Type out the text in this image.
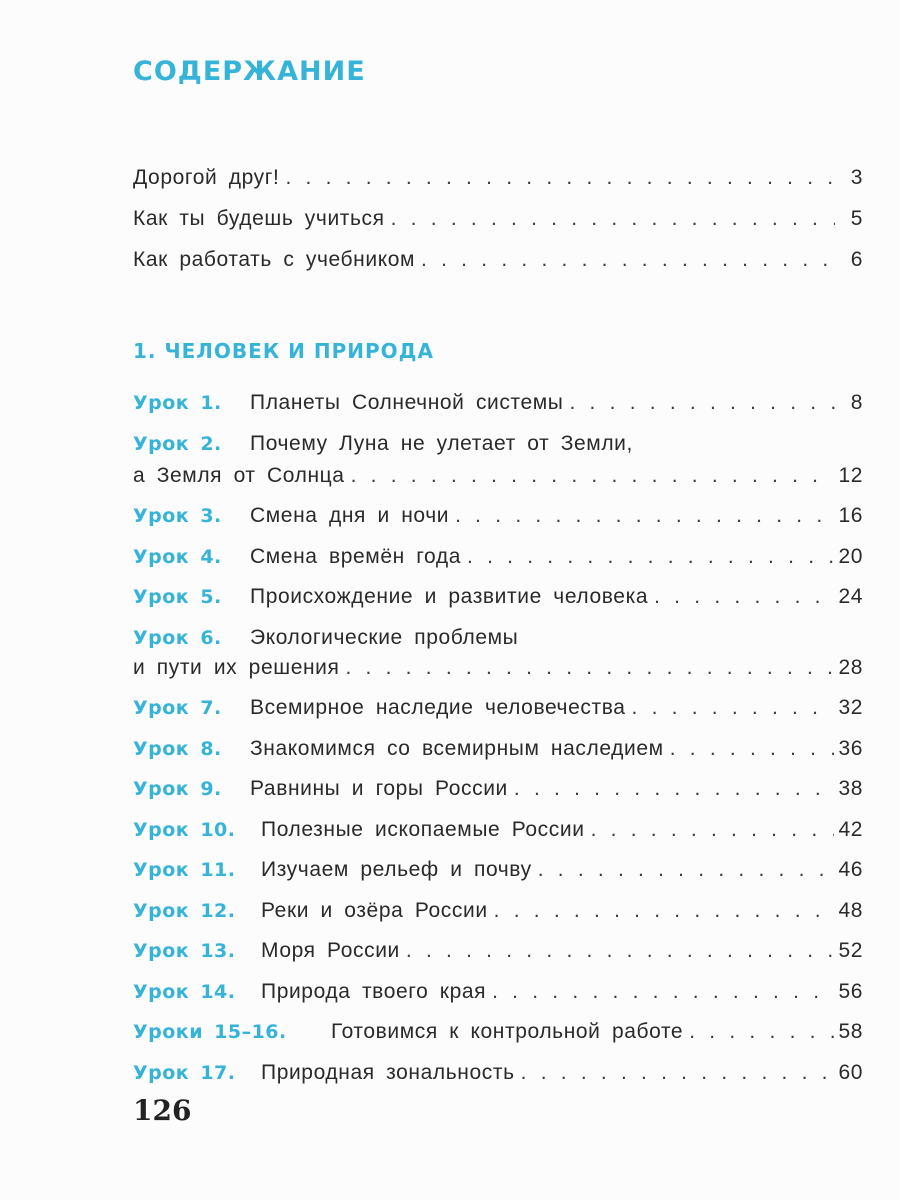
СОДЕРЖАНИЕ
Дорогой друг! . . .	3
Как ты будешь учиться . . .	5
Как работать с учебником . . .	6
1. ЧЕЛОВЕК И ПРИРОДА
Урок 1.	Планеты Солнечной системы . . .	8
Урок 2.	Почему Луна не улетает от Земли,
а Земля от Солнца . . .	12
Урок 3.	Смена дня и ночи . . .	16
Урок 4.	Смена времён года . . .	20
Урок 5.	Происхождение и развитие человека . . .	24
Урок 6.	Экологические проблемы
и пути их решения . . .	28
Урок 7.	Всемирное наследие человечества . . .	32
Урок 8.	Знакомимся со всемирным наследием . . .	36
Урок 9.	Равнины и горы России . . .	38
Урок 10.	Полезные ископаемые России . . .	42
Урок 11.	Изучаем рельеф и почву . . .	46
Урок 12.	Реки и озёра России . . .	48
Урок 13.	Моря России . . .	52
Урок 14.	Природа твоего края . . .	56
Уроки 15–16.	Готовимся к контрольной работе . . .	58
Урок 17.	Природная зональность . . .	60
126
